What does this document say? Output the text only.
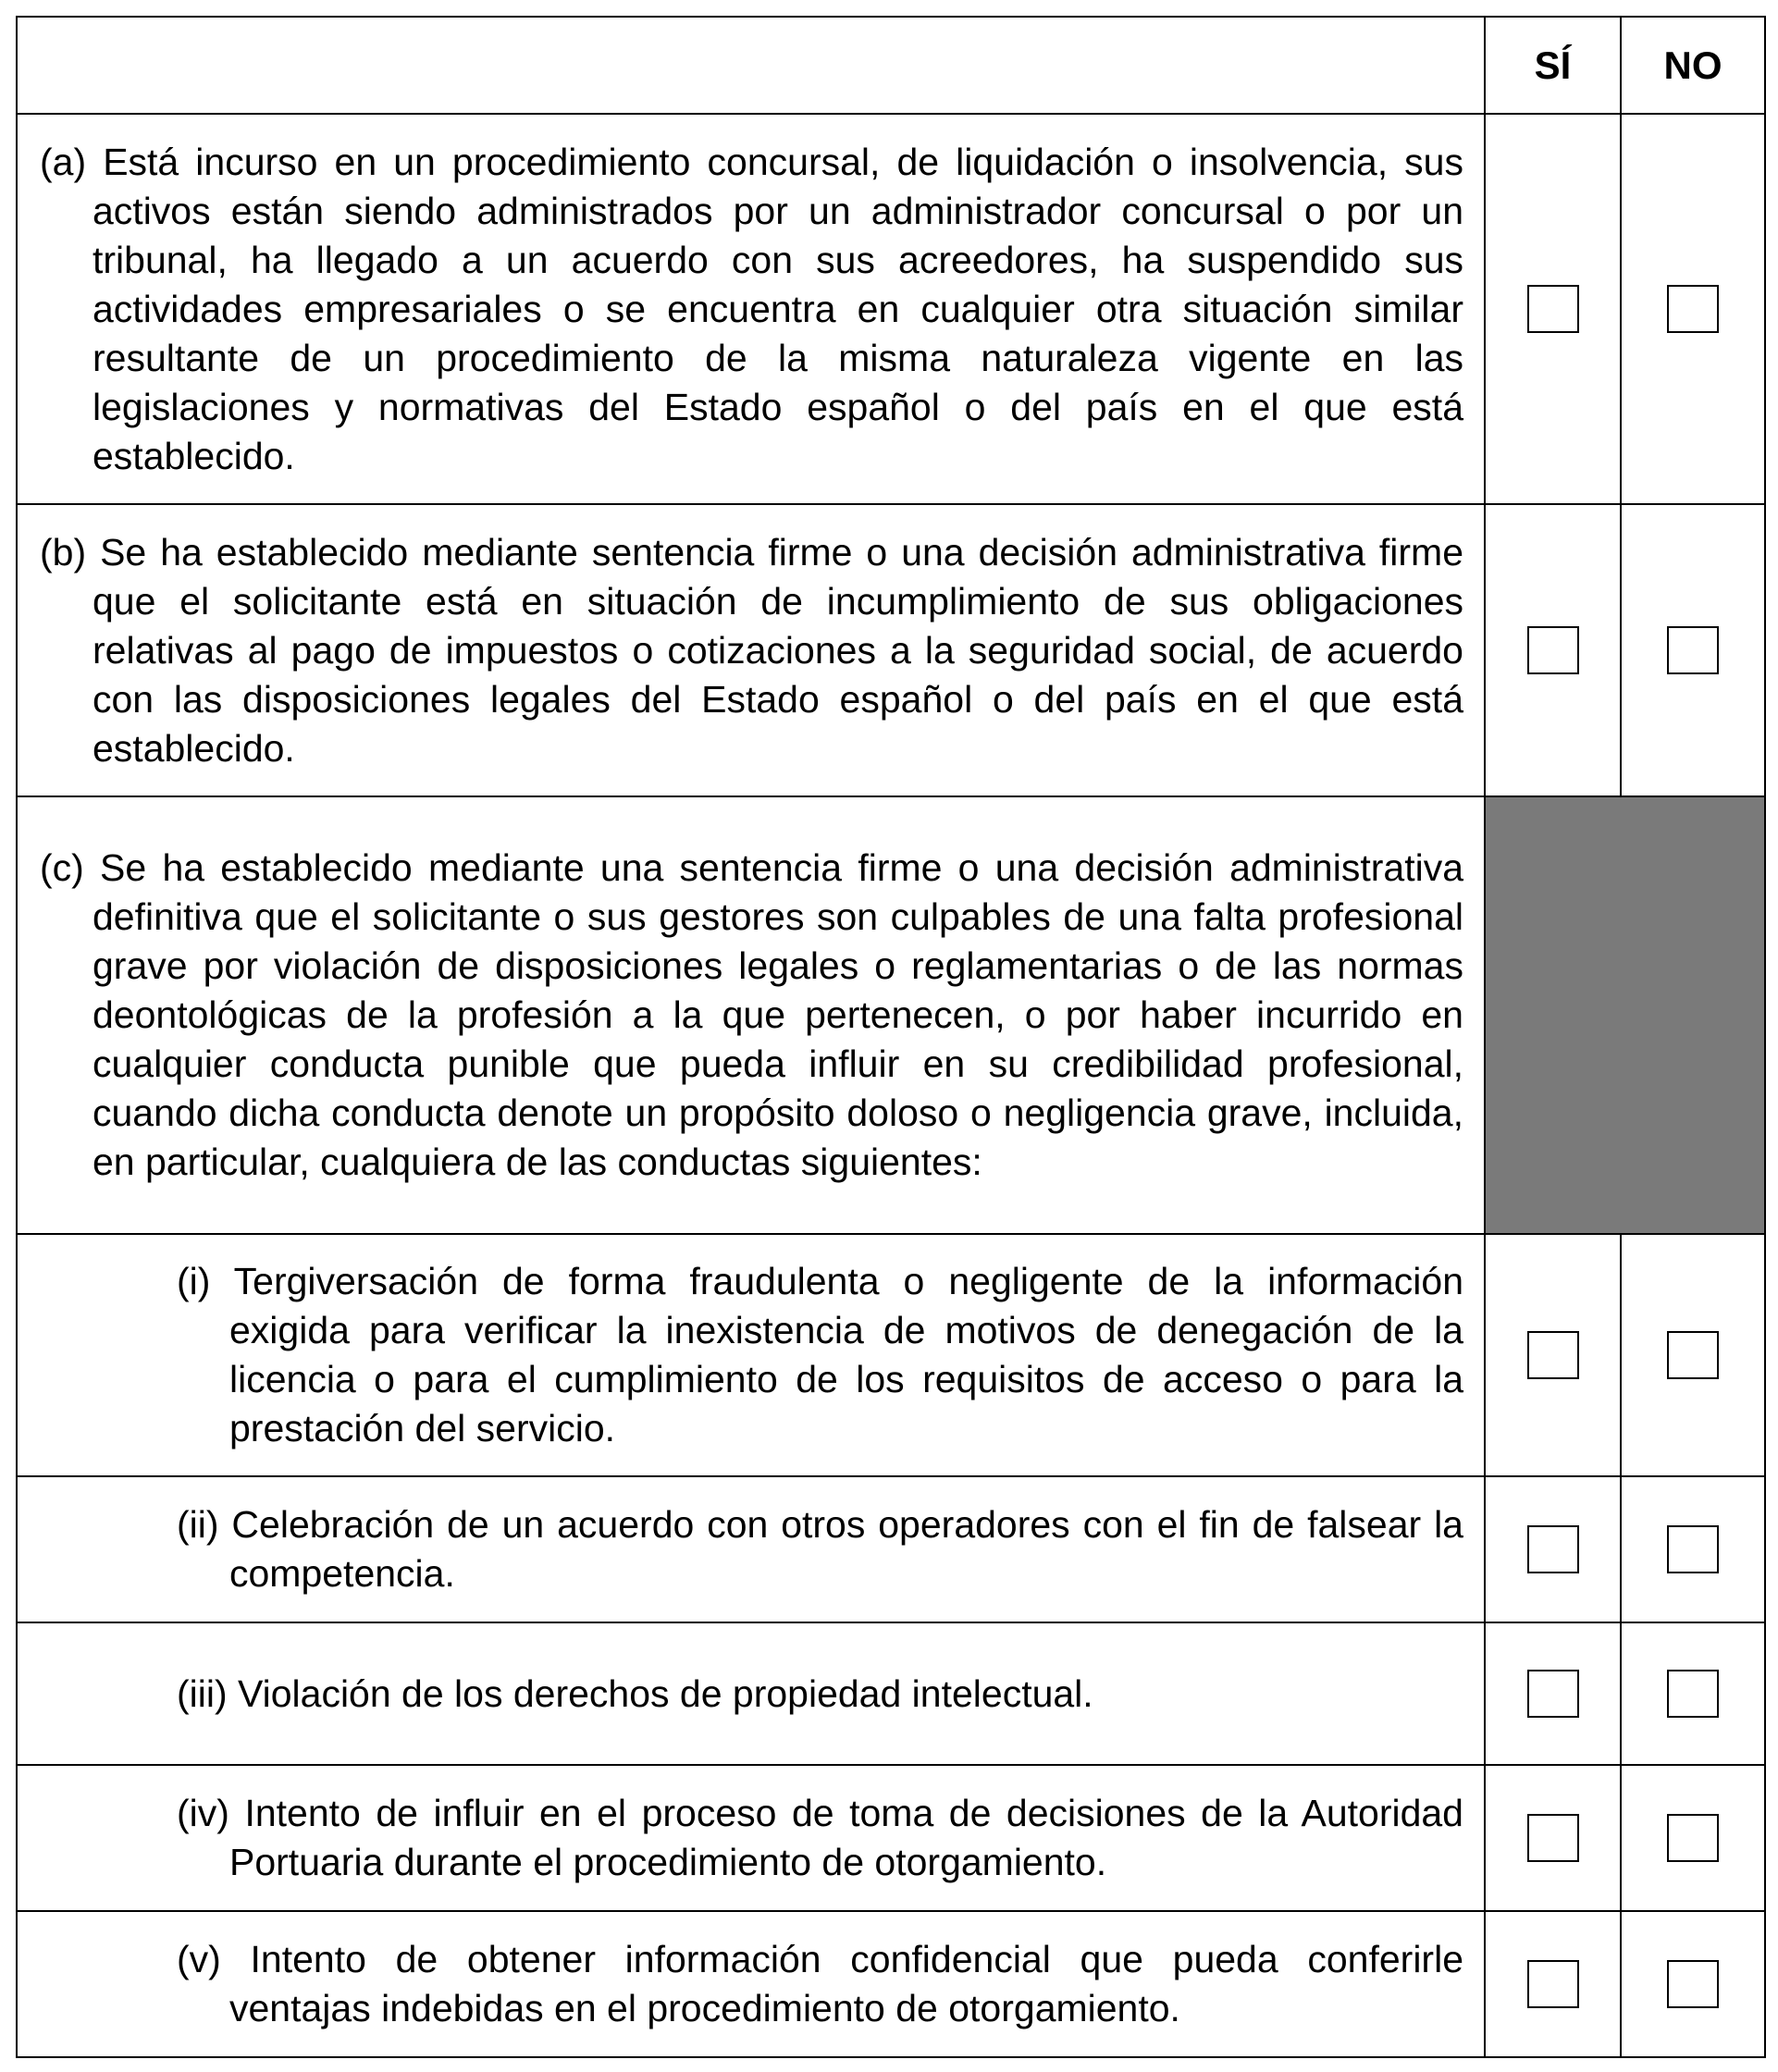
	SÍ	NO

(a) Está incurso en un procedimiento concursal, de liquidación o insolvencia, sus activos están siendo administrados por un administrador concursal o por un tribunal, ha llegado a un acuerdo con sus acreedores, ha suspendido sus actividades empresariales o se encuentra en cualquier otra situación similar resultante de un procedimiento de la misma naturaleza vigente en las legislaciones y normativas del Estado español o del país en el que está establecido.		

(b) Se ha establecido mediante sentencia firme o una decisión administrativa firme que el solicitante está en situación de incumplimiento de sus obligaciones relativas al pago de impuestos o cotizaciones a la seguridad social, de acuerdo con las disposiciones legales del Estado español o del país en el que está establecido.		

(c) Se ha establecido mediante una sentencia firme o una decisión administrativa definitiva que el solicitante o sus gestores son culpables de una falta profesional grave por violación de disposiciones legales o reglamentarias o de las normas deontológicas de la profesión a la que pertenecen, o por haber incurrido en cualquier conducta punible que pueda influir en su credibilidad profesional, cuando dicha conducta denote un propósito doloso o negligencia grave, incluida, en particular, cualquiera de las conductas siguientes:		

(i) Tergiversación de forma fraudulenta o negligente de la información exigida para verificar la inexistencia de motivos de denegación de la licencia o para el cumplimiento de los requisitos de acceso o para la prestación del servicio.		

(ii) Celebración de un acuerdo con otros operadores con el fin de falsear la competencia.		

(iii) Violación de los derechos de propiedad intelectual.		

(iv) Intento de influir en el proceso de toma de decisiones de la Autoridad Portuaria durante el procedimiento de otorgamiento.		

(v) Intento de obtener información confidencial que pueda conferirle ventajas indebidas en el procedimiento de otorgamiento.		
